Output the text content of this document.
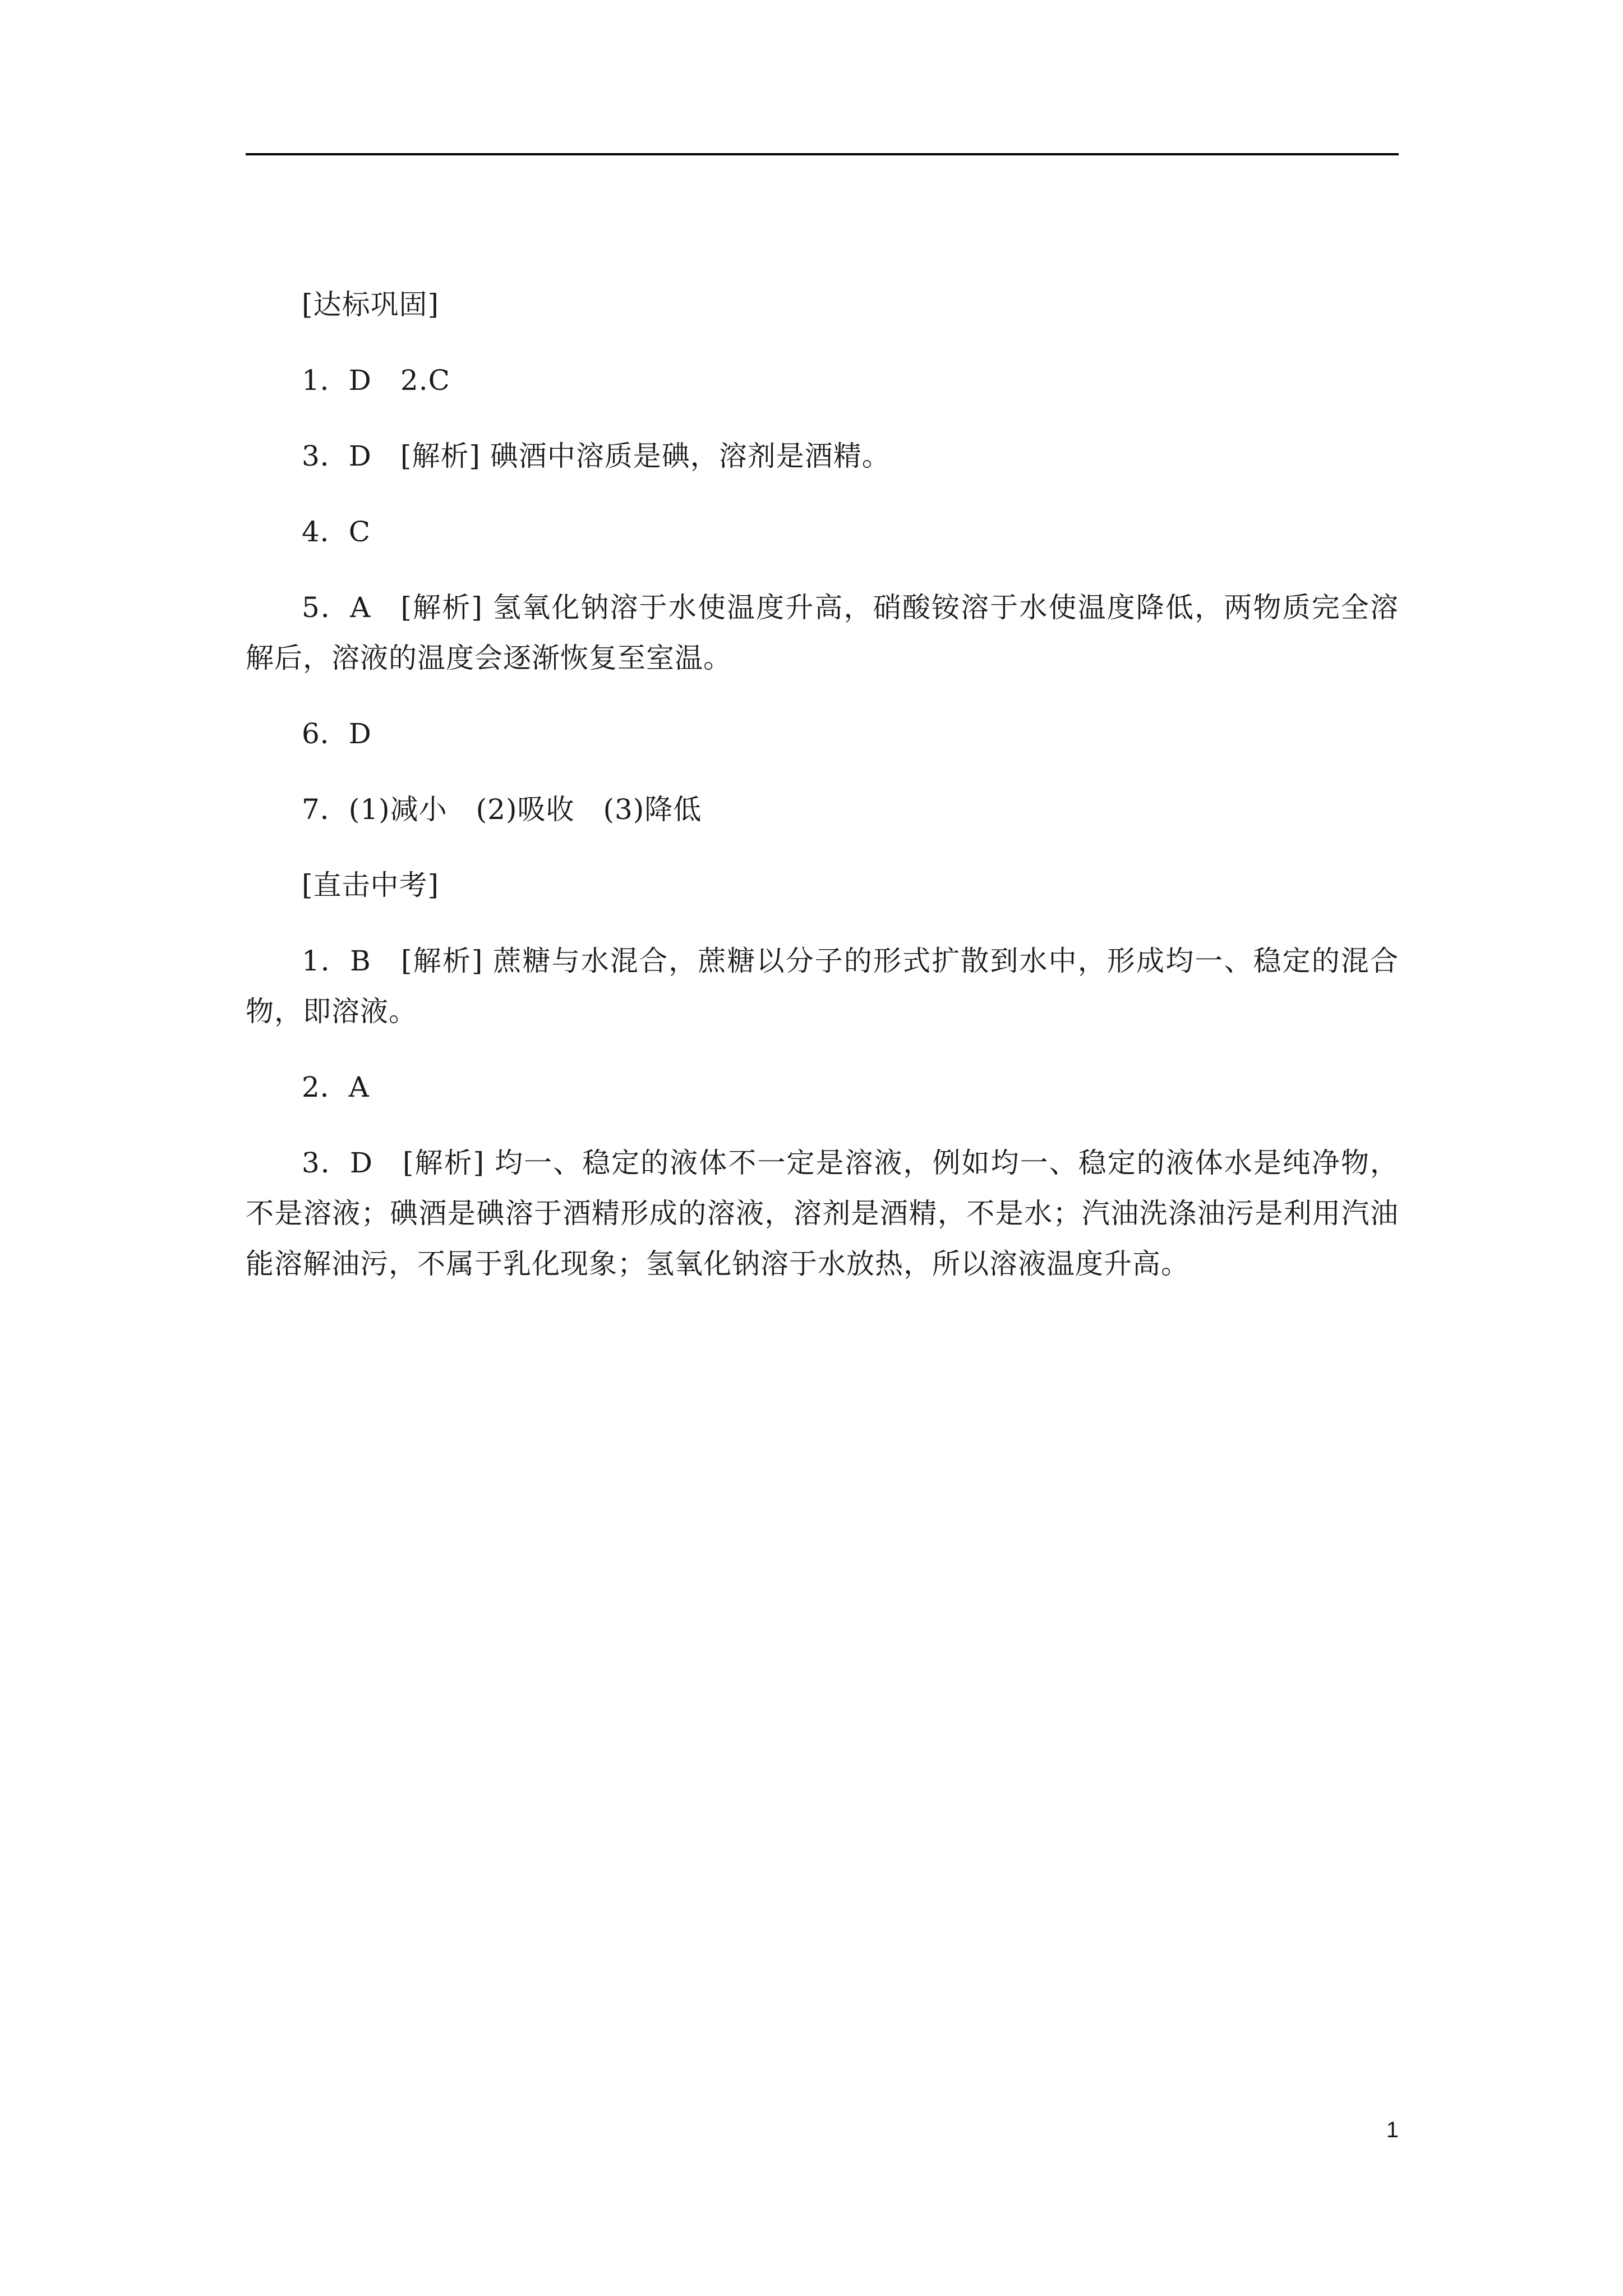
[达标巩固]

1．D　2.C

3．D　[解析] 碘酒中溶质是碘，溶剂是酒精。

4．C

5．A　[解析] 氢氧化钠溶于水使温度升高，硝酸铵溶于水使温度降低，两物质完全溶解后，溶液的温度会逐渐恢复至室温。

6．D

7．(1)减小　(2)吸收　(3)降低

[直击中考]

1．B　[解析] 蔗糖与水混合，蔗糖以分子的形式扩散到水中，形成均一、稳定的混合物，即溶液。

2．A

3．D　[解析] 均一、稳定的液体不一定是溶液，例如均一、稳定的液体水是纯净物，不是溶液；碘酒是碘溶于酒精形成的溶液，溶剂是酒精，不是水；汽油洗涤油污是利用汽油能溶解油污，不属于乳化现象；氢氧化钠溶于水放热，所以溶液温度升高。

1
